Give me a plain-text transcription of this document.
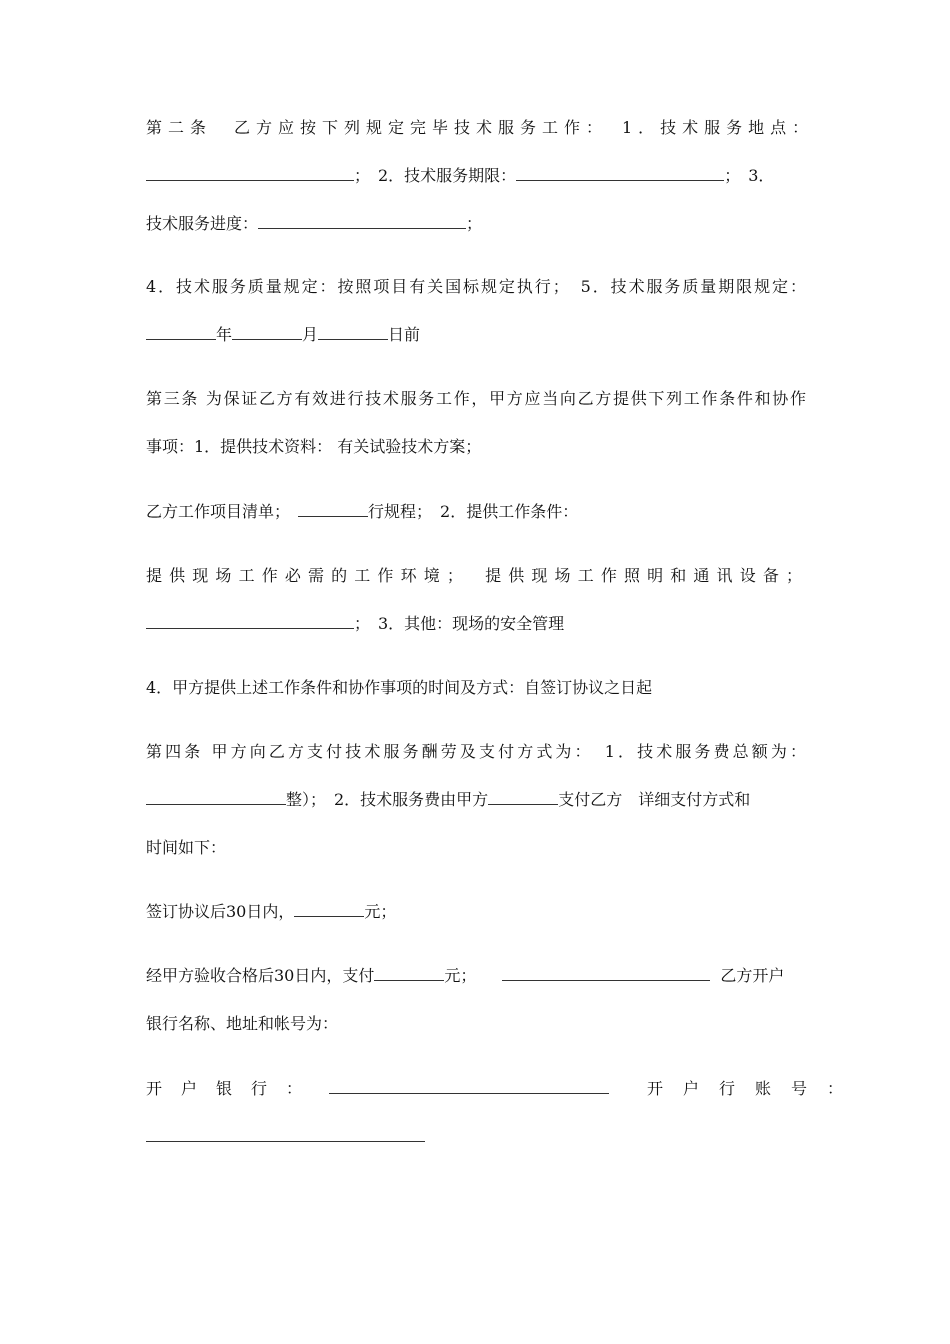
第二条　乙方应按下列规定完毕技术服务工作：　1．技术服务地点：
；　2．技术服务期限：	；　3．
技术服务进度：	；
4．技术服务质量规定：按照项目有关国标规定执行；　5．技术服务质量期限规定：
年	月	日前
第三条 为保证乙方有效进行技术服务工作，甲方应当向乙方提供下列工作条件和协作
事项：1．提供技术资料： 有关试验技术方案；
乙方工作项目清单；	行规程；　2．提供工作条件：
提供现场工作必需的工作环境；　提供现场工作照明和通讯设备；
；　3．其他：现场的安全管理
4．甲方提供上述工作条件和协作事项的时间及方式：自签订协议之日起
第四条 甲方向乙方支付技术服务酬劳及支付方式为：　1．技术服务费总额为：
整）；　2．技术服务费由甲方	支付乙方　详细支付方式和
时间如下：
签订协议后30日内，	元；
经甲方验收合格后30日内，支付	元；	乙方开户
银行名称、地址和帐号为：
开户银行：	开户行账号：
